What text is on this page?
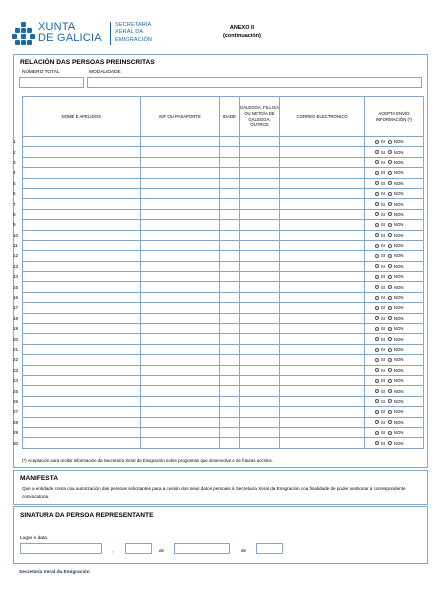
XUNTA
DE GALICIA
SECRETARÍA
XERAL DA
EMIGRACIÓN
ANEXO II
(continuación)
RELACIÓN DAS PERSOAS PREINSCRITAS
NÚMERO TOTAL	MODALIDADE
	NOME E APELIDOS	NIF OU PASAPORTE	IDADE	GALEGOA, FILLO/A OU NETO/A DE GALEGOA, OUTROS	CORREO ELECTRÓNICO	ACEPTA ENVÍO INFORMACIÓN (*)
1						SI NON
2						SI NON
3						SI NON
4						SI NON
5						SI NON
6						SI NON
7						SI NON
8						SI NON
9						SI NON
10						SI NON
11						SI NON
12						SI NON
13						SI NON
14						SI NON
15						SI NON
16						SI NON
17						SI NON
18						SI NON
19						SI NON
20						SI NON
21						SI NON
22						SI NON
23						SI NON
24						SI NON
25						SI NON
26						SI NON
27						SI NON
28						SI NON
29						SI NON
30						SI NON
(*) Aceptación para recibir información da Secretaría Xeral da Emigración sobre programas que desenvolve e de futuras accións.
MANIFESTA
Que a entidade conta coa autorización das persoas solicitantes para a cesión dos seus datos persoais á Secretaría Xeral da Emigración coa finalidade de poder xestionar a correspondente convocatoria.
SINATURA DA PERSOA REPRESENTANTE
Lugar e data
,	de	de
Secretaría Xeral da Emigración
